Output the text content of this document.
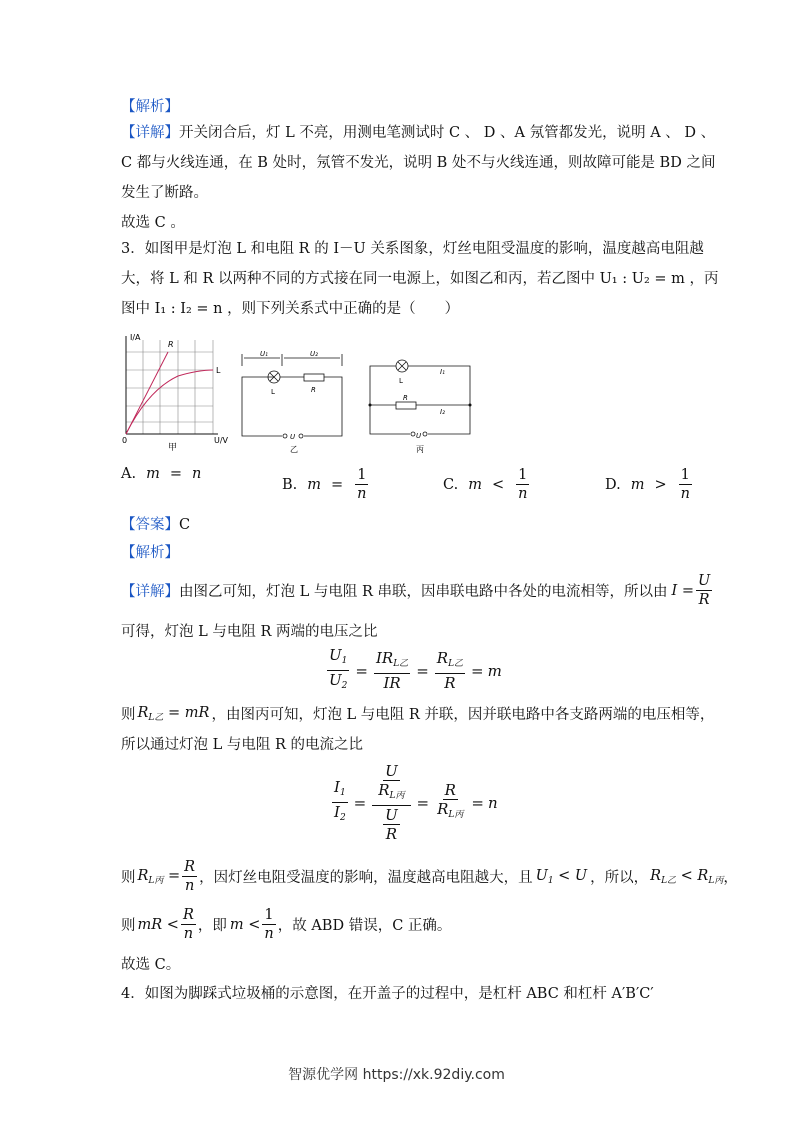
【解析】
【详解】开关闭合后，灯 L 不亮，用测电笔测试时 C 、 D 、A 氖管都发光，说明 A 、 D 、
C 都与火线连通，在 B 处时，氖管不发光，说明 B 处不与火线连通，则故障可能是 BD 之间
发生了断路。
故选 C 。
3．如图甲是灯泡 L 和电阻 R 的 I－U 关系图象，灯丝电阻受温度的影响，温度越高电阻越
大，将 L 和 R 以两种不同的方式接在同一电源上，如图乙和丙，若乙图中 U₁ : U₂ = m ，丙
图中 I₁ : I₂ = n ，则下列关系式中正确的是（　　）
I/A
R
L
0	U/V
甲
U₁	U₂
L	R
U
乙
L
I₁
R
I₂
U
丙
A. m = n
B. $m = \frac{1}{n}$	C. $m < \frac{1}{n}$	D. $m > \frac{1}{n}$
【答案】C
【解析】
【详解】 由图乙可知，灯泡 L 与电阻 R 串联，因串联电路中各处的电流相等，所以由 $I = \frac{U}{R}$
可得，灯泡 L 与电阻 R 两端的电压之比
$\frac{U_1}{U_2} = \frac{IR_{L乙}}{IR} = \frac{R_{L乙}}{R} = m$
则 $R_{L乙}$ = mR ，由图丙可知，灯泡 L 与电阻 R 并联，因并联电路中各支路两端的电压相等，
所以通过灯泡 L 与电阻 R 的电流之比
$\frac{I_1}{I_2} = \frac{\frac{U}{R_{L丙}}}{\frac{U}{R}} = \frac{R}{R_{L丙}} = n$
则 $R_{L丙} = \frac{R}{n}$ ，因灯丝电阻受温度的影响，温度越高电阻越大，且 $U_1 < U$ ，所以， $R_{L乙} < R_{L丙}$ ，
则 mR < $\frac{R}{n}$ ，即 $m < \frac{1}{n}$ ，故 ABD 错误，C 正确。
故选 C。
4．如图为脚踩式垃圾桶的示意图，在开盖子的过程中，是杠杆 ABC 和杠杆 A′B′C′
智源优学网 https://xk.92diy.com
